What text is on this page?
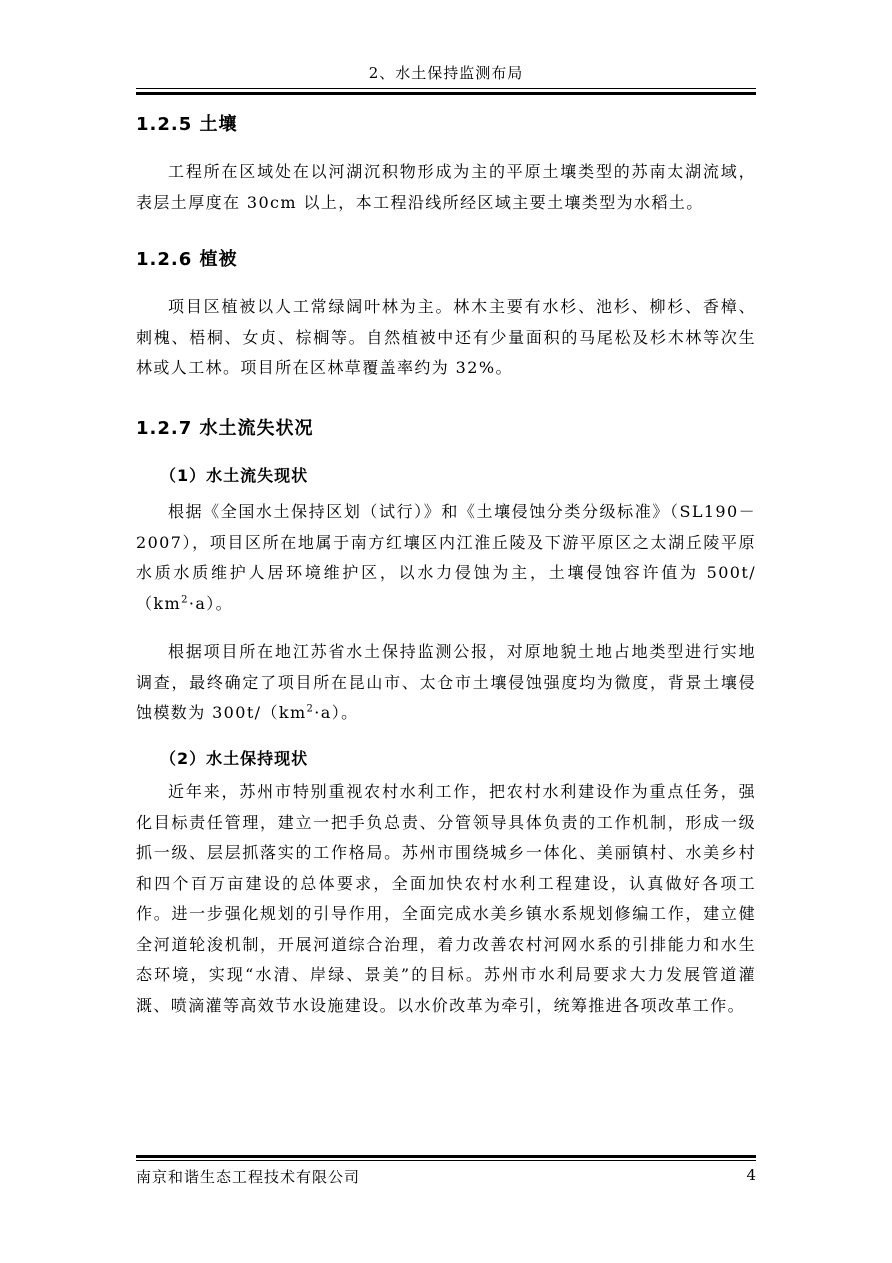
2、水土保持监测布局
1.2.5 土壤
工程所在区域处在以河湖沉积物形成为主的平原土壤类型的苏南太湖流域，表层土厚度在 30cm 以上，本工程沿线所经区域主要土壤类型为水稻土。
1.2.6 植被
项目区植被以人工常绿阔叶林为主。林木主要有水杉、池杉、柳杉、香樟、刺槐、梧桐、女贞、棕榈等。自然植被中还有少量面积的马尾松及杉木林等次生林或人工林。项目所在区林草覆盖率约为 32%。
1.2.7 水土流失状况
（1）水土流失现状
根据《全国水土保持区划（试行）》和《土壤侵蚀分类分级标准》（SL190－2007），项目区所在地属于南方红壤区内江淮丘陵及下游平原区之太湖丘陵平原水质水质维护人居环境维护区，以水力侵蚀为主，土壤侵蚀容许值为 $500t/(km^2\cdot a)$。
根据项目所在地江苏省水土保持监测公报，对原地貌土地占地类型进行实地调查，最终确定了项目所在昆山市、太仓市土壤侵蚀强度均为微度，背景土壤侵蚀模数为 $300t/(km^2\cdot a)$。
（2）水土保持现状
近年来，苏州市特别重视农村水利工作，把农村水利建设作为重点任务，强化目标责任管理，建立一把手负总责、分管领导具体负责的工作机制，形成一级抓一级、层层抓落实的工作格局。苏州市围绕城乡一体化、美丽镇村、水美乡村和四个百万亩建设的总体要求，全面加快农村水利工程建设，认真做好各项工作。进一步强化规划的引导作用，全面完成水美乡镇水系规划修编工作，建立健全河道轮浚机制，开展河道综合治理，着力改善农村河网水系的引排能力和水生态环境，实现“水清、岸绿、景美”的目标。苏州市水利局要求大力发展管道灌溉、喷滴灌等高效节水设施建设。以水价改革为牵引，统筹推进各项改革工作。
南京和谐生态工程技术有限公司	4
